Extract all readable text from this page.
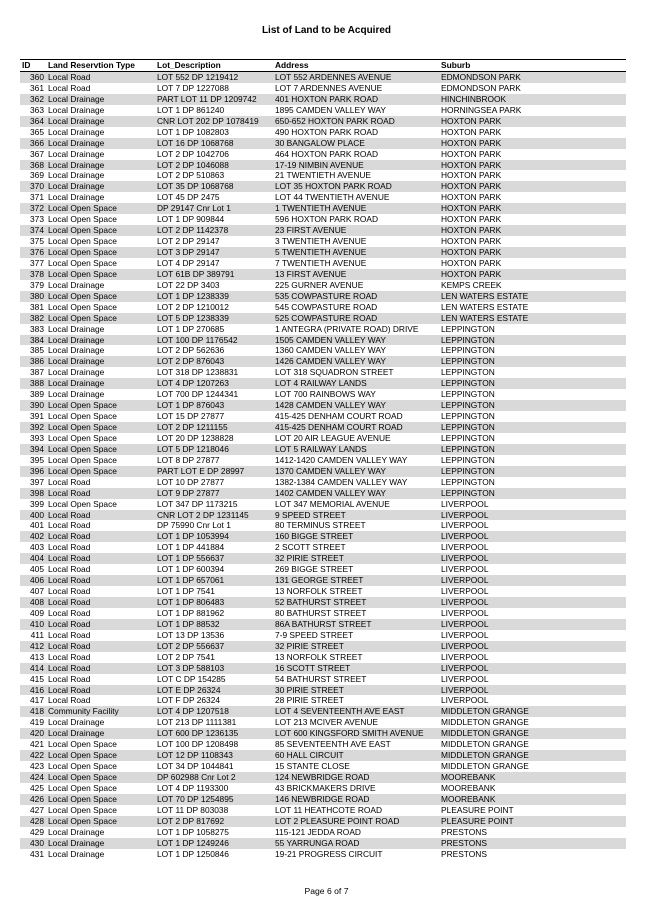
List of Land to be Acquired
ID	Land Reservtion Type	Lot_Description	Address	Suburb
360 Local Road	LOT 552 DP 1219412	LOT 552 ARDENNES AVENUE	EDMONDSON PARK
361 Local Road	LOT 7 DP 1227088	LOT 7 ARDENNES AVENUE	EDMONDSON PARK
362 Local Drainage	PART LOT 11 DP 1209742	401 HOXTON PARK ROAD	HINCHINBROOK
363 Local Drainage	LOT 1 DP 861240	1895 CAMDEN VALLEY WAY	HORNINGSEA PARK
364 Local Drainage	CNR LOT 202 DP 1078419	650-652 HOXTON PARK ROAD	HOXTON PARK
365 Local Drainage	LOT 1 DP 1082803	490 HOXTON PARK ROAD	HOXTON PARK
366 Local Drainage	LOT 16 DP 1068768	30 BANGALOW PLACE	HOXTON PARK
367 Local Drainage	LOT 2 DP 1042706	464 HOXTON PARK ROAD	HOXTON PARK
368 Local Drainage	LOT 2 DP 1046088	17-19 NIMBIN AVENUE	HOXTON PARK
369 Local Drainage	LOT 2 DP 510863	21 TWENTIETH AVENUE	HOXTON PARK
370 Local Drainage	LOT 35 DP 1068768	LOT 35 HOXTON PARK ROAD	HOXTON PARK
371 Local Drainage	LOT 45 DP 2475	LOT 44 TWENTIETH AVENUE	HOXTON PARK
372 Local Open Space	DP 29147 Cnr Lot 1	1 TWENTIETH AVENUE	HOXTON PARK
373 Local Open Space	LOT 1 DP 909844	596 HOXTON PARK ROAD	HOXTON PARK
374 Local Open Space	LOT 2 DP 1142378	23 FIRST AVENUE	HOXTON PARK
375 Local Open Space	LOT 2 DP 29147	3 TWENTIETH AVENUE	HOXTON PARK
376 Local Open Space	LOT 3 DP 29147	5 TWENTIETH AVENUE	HOXTON PARK
377 Local Open Space	LOT 4 DP 29147	7 TWENTIETH AVENUE	HOXTON PARK
378 Local Open Space	LOT 61B DP 389791	13 FIRST AVENUE	HOXTON PARK
379 Local Drainage	LOT 22 DP 3403	225 GURNER AVENUE	KEMPS CREEK
380 Local Open Space	LOT 1 DP 1238339	535 COWPASTURE ROAD	LEN WATERS ESTATE
381 Local Open Space	LOT 2 DP 1210012	545 COWPASTURE ROAD	LEN WATERS ESTATE
382 Local Open Space	LOT 5 DP 1238339	525 COWPASTURE ROAD	LEN WATERS ESTATE
383 Local Drainage	LOT 1 DP 270685	1 ANTEGRA (PRIVATE ROAD) DRIVE	LEPPINGTON
384 Local Drainage	LOT 100 DP 1176542	1505 CAMDEN VALLEY WAY	LEPPINGTON
385 Local Drainage	LOT 2 DP 562636	1360 CAMDEN VALLEY WAY	LEPPINGTON
386 Local Drainage	LOT 2 DP 876043	1426 CAMDEN VALLEY WAY	LEPPINGTON
387 Local Drainage	LOT 318 DP 1238831	LOT 318 SQUADRON STREET	LEPPINGTON
388 Local Drainage	LOT 4 DP 1207263	LOT 4 RAILWAY LANDS	LEPPINGTON
389 Local Drainage	LOT 700 DP 1244341	LOT 700 RAINBOWS WAY	LEPPINGTON
390 Local Open Space	LOT 1 DP 876043	1428 CAMDEN VALLEY WAY	LEPPINGTON
391 Local Open Space	LOT 15 DP 27877	415-425 DENHAM COURT ROAD	LEPPINGTON
392 Local Open Space	LOT 2 DP 1211155	415-425 DENHAM COURT ROAD	LEPPINGTON
393 Local Open Space	LOT 20 DP 1238828	LOT 20 AIR LEAGUE AVENUE	LEPPINGTON
394 Local Open Space	LOT 5 DP 1218046	LOT 5 RAILWAY LANDS	LEPPINGTON
395 Local Open Space	LOT 8 DP 27877	1412-1420 CAMDEN VALLEY WAY	LEPPINGTON
396 Local Open Space	PART LOT E DP 28997	1370 CAMDEN VALLEY WAY	LEPPINGTON
397 Local Road	LOT 10 DP 27877	1382-1384 CAMDEN VALLEY WAY	LEPPINGTON
398 Local Road	LOT 9 DP 27877	1402 CAMDEN VALLEY WAY	LEPPINGTON
399 Local Open Space	LOT 347 DP 1173215	LOT 347 MEMORIAL AVENUE	LIVERPOOL
400 Local Road	CNR LOT 2 DP 1231145	9 SPEED STREET	LIVERPOOL
401 Local Road	DP 75990 Cnr Lot 1	80 TERMINUS STREET	LIVERPOOL
402 Local Road	LOT 1 DP 1053994	160 BIGGE STREET	LIVERPOOL
403 Local Road	LOT 1 DP 441884	2 SCOTT STREET	LIVERPOOL
404 Local Road	LOT 1 DP 556637	32 PIRIE STREET	LIVERPOOL
405 Local Road	LOT 1 DP 600394	269 BIGGE STREET	LIVERPOOL
406 Local Road	LOT 1 DP 657061	131 GEORGE STREET	LIVERPOOL
407 Local Road	LOT 1 DP 7541	13 NORFOLK STREET	LIVERPOOL
408 Local Road	LOT 1 DP 806483	52 BATHURST STREET	LIVERPOOL
409 Local Road	LOT 1 DP 881962	80 BATHURST STREET	LIVERPOOL
410 Local Road	LOT 1 DP 88532	86A BATHURST STREET	LIVERPOOL
411 Local Road	LOT 13 DP 13536	7-9 SPEED STREET	LIVERPOOL
412 Local Road	LOT 2 DP 556637	32 PIRIE STREET	LIVERPOOL
413 Local Road	LOT 2 DP 7541	13 NORFOLK STREET	LIVERPOOL
414 Local Road	LOT 3 DP 588103	16 SCOTT STREET	LIVERPOOL
415 Local Road	LOT C DP 154285	54 BATHURST STREET	LIVERPOOL
416 Local Road	LOT E DP 26324	30 PIRIE STREET	LIVERPOOL
417 Local Road	LOT F DP 26324	28 PIRIE STREET	LIVERPOOL
418 Community Facility	LOT 4 DP 1207518	LOT 4 SEVENTEENTH AVE EAST	MIDDLETON GRANGE
419 Local Drainage	LOT 213 DP 1111381	LOT 213 MCIVER AVENUE	MIDDLETON GRANGE
420 Local Drainage	LOT 600 DP 1236135	LOT 600 KINGSFORD SMITH AVENUE	MIDDLETON GRANGE
421 Local Open Space	LOT 100 DP 1208498	85 SEVENTEENTH AVE EAST	MIDDLETON GRANGE
422 Local Open Space	LOT 12 DP 1108343	60 HALL CIRCUIT	MIDDLETON GRANGE
423 Local Open Space	LOT 34 DP 1044841	15 STANTE CLOSE	MIDDLETON GRANGE
424 Local Open Space	DP 602988 Cnr Lot 2	124 NEWBRIDGE ROAD	MOOREBANK
425 Local Open Space	LOT 4 DP 1193300	43 BRICKMAKERS DRIVE	MOOREBANK
426 Local Open Space	LOT 70 DP 1254895	146 NEWBRIDGE ROAD	MOOREBANK
427 Local Open Space	LOT 11 DP 803038	LOT 11 HEATHCOTE ROAD	PLEASURE POINT
428 Local Open Space	LOT 2 DP 817692	LOT 2 PLEASURE POINT ROAD	PLEASURE POINT
429 Local Drainage	LOT 1 DP 1058275	115-121 JEDDA ROAD	PRESTONS
430 Local Drainage	LOT 1 DP 1249246	55 YARRUNGA ROAD	PRESTONS
431 Local Drainage	LOT 1 DP 1250846	19-21 PROGRESS CIRCUIT	PRESTONS
Page 6 of 7
